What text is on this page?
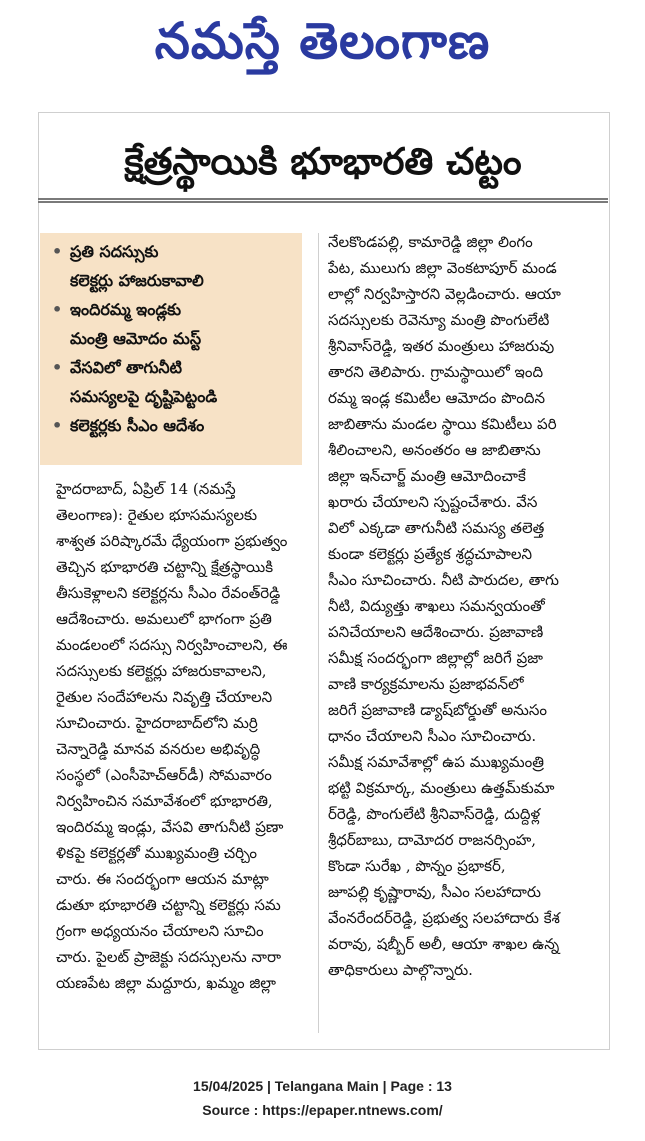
నమస్తే తెలంగాణ
క్షేత్రస్థాయికి భూభారతి చట్టం
• ప్రతి సదస్సుకు
కలెక్టర్లు హాజరుకావాలి
• ఇందిరమ్మ ఇండ్లకు
మంత్రి ఆమోదం మస్ట్
• వేసవిలో తాగునీటి
సమస్యలపై దృష్టిపెట్టండి
• కలెక్టర్లకు సీఎం ఆదేశం
హైదరాబాద్, ఏప్రిల్ 14 (నమస్తే
తెలంగాణ): రైతుల భూసమస్యలకు
శాశ్వత పరిష్కారమే ధ్యేయంగా ప్రభుత్వం
తెచ్చిన భూభారతి చట్టాన్ని క్షేత్రస్థాయికి
తీసుకెళ్లాలని కలెక్టర్లను సీఎం రేవంత్‌రెడ్డి
ఆదేశించారు. అమలులో భాగంగా ప్రతి
మండలంలో సదస్సు నిర్వహించాలని, ఈ
సదస్సులకు కలెక్టర్లు హాజరుకావాలని,
రైతుల సందేహాలను నివృత్తి చేయాలని
సూచించారు. హైదరాబాద్‌లోని మర్రి
చెన్నారెడ్డి మానవ వనరుల అభివృద్ధి
సంస్థలో (ఎంసీహెచ్‌ఆర్‌డీ) సోమవారం
నిర్వహించిన సమావేశంలో భూభారతి,
ఇందిరమ్మ ఇండ్లు, వేసవి తాగునీటి ప్రణా
ళికపై కలెక్టర్లతో ముఖ్యమంత్రి చర్చిం
చారు. ఈ సందర్భంగా ఆయన మాట్లా
డుతూ భూభారతి చట్టాన్ని కలెక్టర్లు సమ
గ్రంగా అధ్యయనం చేయాలని సూచిం
చారు. పైలట్ ప్రాజెక్టు సదస్సులను నారా
యణపేట జిల్లా మద్దూరు, ఖమ్మం జిల్లా
నేలకొండపల్లి, కామారెడ్డి జిల్లా లింగం
పేట, ములుగు జిల్లా వెంకటాపూర్ మండ
లాల్లో నిర్వహిస్తారని వెల్లడించారు. ఆయా
సదస్సులకు రెవెన్యూ మంత్రి పొంగులేటి
శ్రీనివాస్‌రెడ్డి, ఇతర మంత్రులు హాజరువు
తారని తెలిపారు. గ్రామస్థాయిలో ఇంది
రమ్మ ఇండ్ల కమిటీల ఆమోదం పొందిన
జాబితాను మండల స్థాయి కమిటీలు పరి
శీలించాలని, అనంతరం ఆ జాబితాను
జిల్లా ఇన్‌చార్జ్ మంత్రి ఆమోదించాకే
ఖరారు చేయాలని స్పష్టంచేశారు. వేస
విలో ఎక్కడా తాగునీటి సమస్య తలెత్త
కుండా కలెక్టర్లు ప్రత్యేక శ్రద్ధచూపాలని
సీఎం సూచించారు. నీటి పారుదల, తాగు
నీటి, విద్యుత్తు శాఖలు సమన్వయంతో
పనిచేయాలని ఆదేశించారు. ప్రజావాణి
సమీక్ష సందర్భంగా జిల్లాల్లో జరిగే ప్రజా
వాణి కార్యక్రమాలను ప్రజాభవన్‌లో
జరిగే ప్రజావాణి డ్యాష్‌బోర్డుతో అనుసం
ధానం చేయాలని సీఎం సూచించారు.
సమీక్ష సమావేశాల్లో ఉప ముఖ్యమంత్రి
భట్టి విక్రమార్క, మంత్రులు ఉత్తమ్‌కుమా
ర్‌రెడ్డి, పొంగులేటి శ్రీనివాస్‌రెడ్డి, దుద్దిళ్ల
శ్రీధర్‌బాబు, దామోదర రాజనర్సింహ,
కొండా సురేఖ , పొన్నం ప్రభాకర్,
జూపల్లి కృష్ణారావు, సీఎం సలహాదారు
వేంనరేందర్‌రెడ్డి, ప్రభుత్వ సలహాదారు కేశ
వరావు, షబ్బీర్ అలీ, ఆయా శాఖల ఉన్న
తాధికారులు పాల్గొన్నారు.
15/04/2025 | Telangana Main | Page : 13
Source : https://epaper.ntnews.com/
